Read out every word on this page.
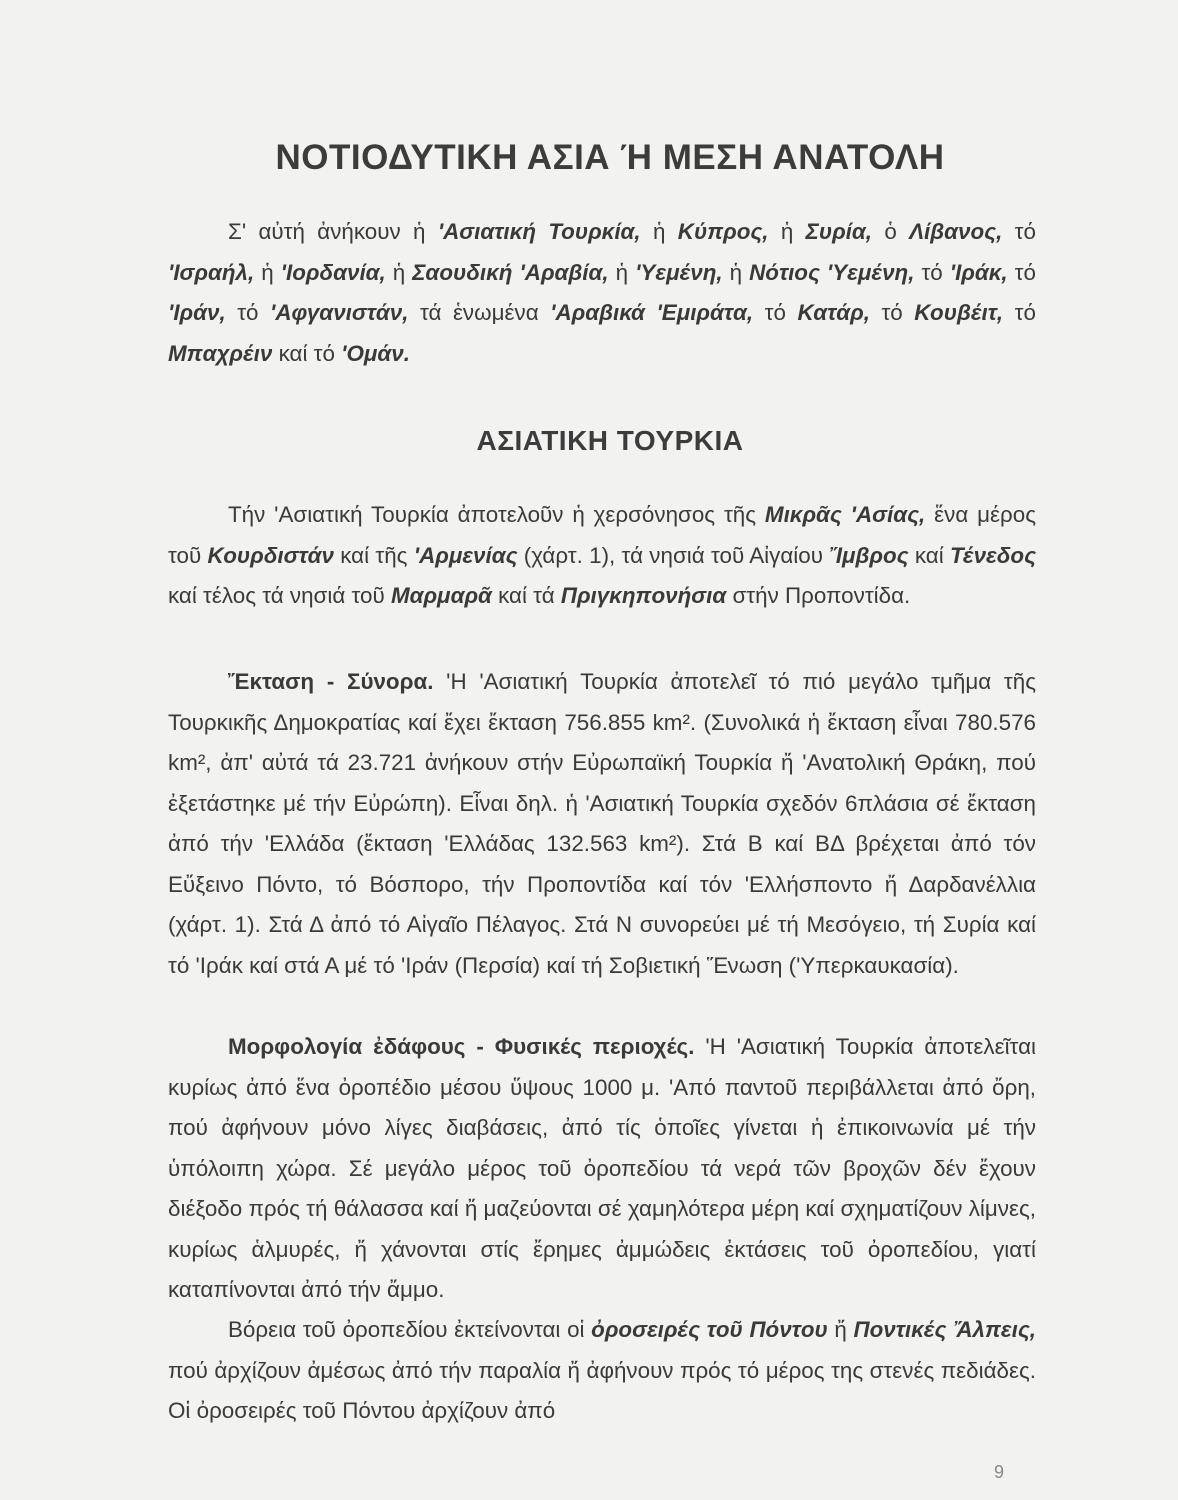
ΝΟΤΙΟΔΥΤΙΚΗ ΑΣΙΑ Ή ΜΕΣΗ ΑΝΑΤΟΛΗ

Σ' αὐτή ἀνήκουν ἡ 'Ασιατική Τουρκία, ἡ Κύπρος, ἡ Συρία, ὁ Λίβανος, τό 'Ισραήλ, ἡ 'Ιορδανία, ἡ Σαουδική 'Αραβία, ἡ 'Υεμένη, ἡ Νότιος 'Υεμένη, τό 'Ιράκ, τό 'Ιράν, τό 'Αφγανιστάν, τά ἑνωμένα 'Αραβικά 'Εμιράτα, τό Κατάρ, τό Κουβέιτ, τό Μπαχρέιν καί τό 'Ομάν.

ΑΣΙΑΤΙΚΗ ΤΟΥΡΚΙΑ

Τήν 'Ασιατική Τουρκία ἀποτελοῦν ἡ χερσόνησος τῆς Μικρᾶς 'Ασίας, ἕνα μέρος τοῦ Κουρδιστάν καί τῆς 'Αρμενίας (χάρτ. 1), τά νησιά τοῦ Αἰγαίου Ἴμβρος καί Τένεδος καί τέλος τά νησιά τοῦ Μαρμαρᾶ καί τά Πριγκηπονήσια στήν Προποντίδα.

Ἔκταση - Σύνορα. 'Η 'Ασιατική Τουρκία ἀποτελεῖ τό πιό μεγάλο τμῆμα τῆς Τουρκικῆς Δημοκρατίας καί ἔχει ἔκταση 756.855 km². (Συνολικά ἡ ἔκταση εἶναι 780.576 km², ἀπ' αὐτά τά 23.721 ἀνήκουν στήν Εὐρωπαϊκή Τουρκία ἤ 'Ανατολική Θράκη, πού ἐξετάστηκε μέ τήν Εὐρώπη). Εἶναι δηλ. ἡ 'Ασιατική Τουρκία σχεδόν 6πλάσια σέ ἔκταση ἀπό τήν 'Ελλάδα (ἔκταση 'Ελλάδας 132.563 km²). Στά Β καί ΒΔ βρέχεται ἀπό τόν Εὔξεινο Πόντο, τό Βόσπορο, τήν Προποντίδα καί τόν 'Ελλήσποντο ἤ Δαρδανέλλια (χάρτ. 1). Στά Δ ἀπό τό Αἰγαῖο Πέλαγος. Στά Ν συνορεύει μέ τή Μεσόγειο, τή Συρία καί τό 'Ιράκ καί στά Α μέ τό 'Ιράν (Περσία) καί τή Σοβιετική Ἕνωση ('Υπερκαυκασία).

Μορφολογία ἐδάφους - Φυσικές περιοχές. 'Η 'Ασιατική Τουρκία ἀποτελεῖται κυρίως ἀπό ἕνα ὀροπέδιο μέσου ὕψους 1000 μ. 'Από παντοῦ περιβάλλεται ἀπό ὄρη, πού ἀφήνουν μόνο λίγες διαβάσεις, ἀπό τίς ὁποῖες γίνεται ἡ ἐπικοινωνία μέ τήν ὑπόλοιπη χώρα. Σέ μεγάλο μέρος τοῦ ὀροπεδίου τά νερά τῶν βροχῶν δέν ἔχουν διέξοδο πρός τή θάλασσα καί ἤ μαζεύονται σέ χαμηλότερα μέρη καί σχηματίζουν λίμνες, κυρίως ἁλμυρές, ἤ χάνονται στίς ἔρημες ἀμμώδεις ἐκτάσεις τοῦ ὀροπεδίου, γιατί καταπίνονται ἀπό τήν ἄμμο.

Βόρεια τοῦ ὀροπεδίου ἐκτείνονται οἱ ὀροσειρές τοῦ Πόντου ἤ Ποντικές Ἄλπεις, πού ἀρχίζουν ἀμέσως ἀπό τήν παραλία ἤ ἀφήνουν πρός τό μέρος της στενές πεδιάδες. Οἱ ὀροσειρές τοῦ Πόντου ἀρχίζουν ἀπό

9
